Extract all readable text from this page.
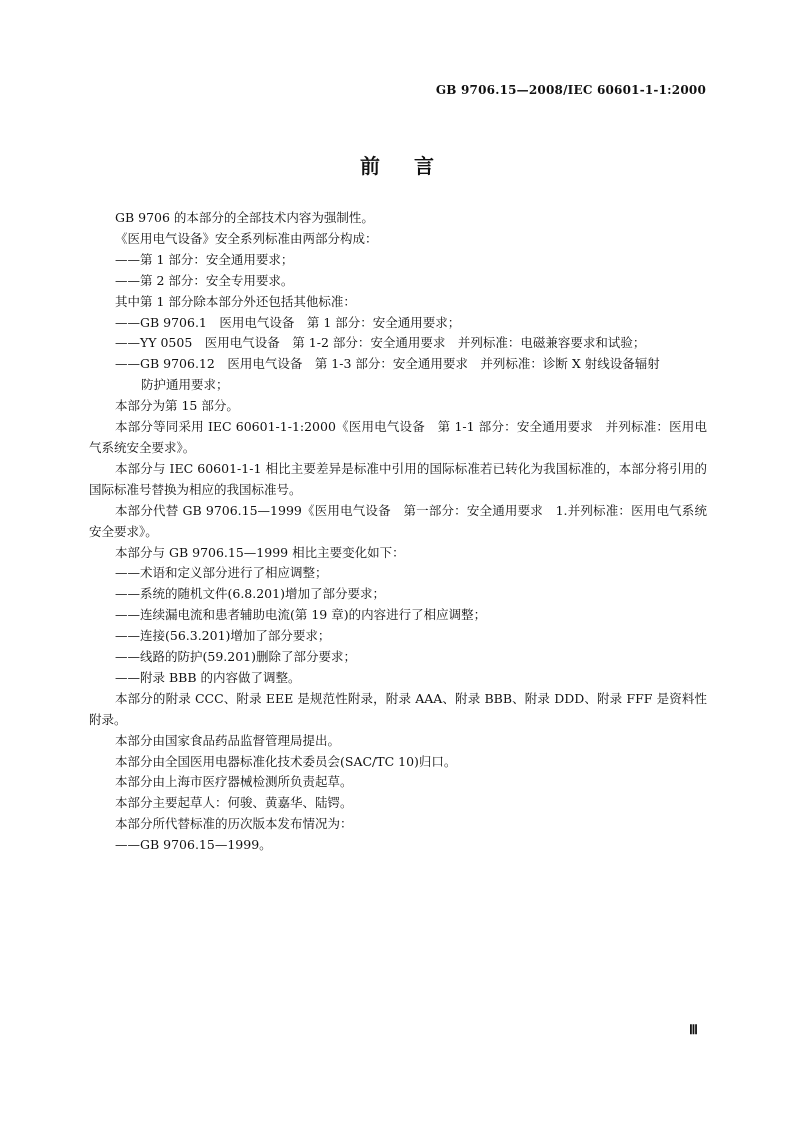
GB 9706.15—2008/IEC 60601-1-1:2000
前言

GB 9706 的本部分的全部技术内容为强制性。

《医用电气设备》安全系列标准由两部分构成：

——第 1 部分：安全通用要求；

——第 2 部分：安全专用要求。

其中第 1 部分除本部分外还包括其他标准：

——GB 9706.1　医用电气设备　第 1 部分：安全通用要求；

——YY 0505　医用电气设备　第 1-2 部分：安全通用要求　并列标准：电磁兼容要求和试验；

——GB 9706.12　医用电气设备　第 1-3 部分：安全通用要求　并列标准：诊断 X 射线设备辐射

防护通用要求；

本部分为第 15 部分。

本部分等同采用 IEC 60601-1-1:2000《医用电气设备　第 1-1 部分：安全通用要求　并列标准：医用电气系统安全要求》。

本部分与 IEC 60601-1-1 相比主要差异是标准中引用的国际标准若已转化为我国标准的，本部分将引用的国际标准号替换为相应的我国标准号。

本部分代替 GB 9706.15—1999《医用电气设备　第一部分：安全通用要求　1.并列标准：医用电气系统安全要求》。

本部分与 GB 9706.15—1999 相比主要变化如下：

——术语和定义部分进行了相应调整；

——系统的随机文件(6.8.201)增加了部分要求；

——连续漏电流和患者辅助电流(第 19 章)的内容进行了相应调整；

——连接(56.3.201)增加了部分要求；

——线路的防护(59.201)删除了部分要求；

——附录 BBB 的内容做了调整。

本部分的附录 CCC、附录 EEE 是规范性附录，附录 AAA、附录 BBB、附录 DDD、附录 FFF 是资料性附录。

本部分由国家食品药品监督管理局提出。

本部分由全国医用电器标准化技术委员会(SAC/TC 10)归口。

本部分由上海市医疗器械检测所负责起草。

本部分主要起草人：何骏、黄嘉华、陆锷。

本部分所代替标准的历次版本发布情况为：

——GB 9706.15—1999。

Ⅲ
